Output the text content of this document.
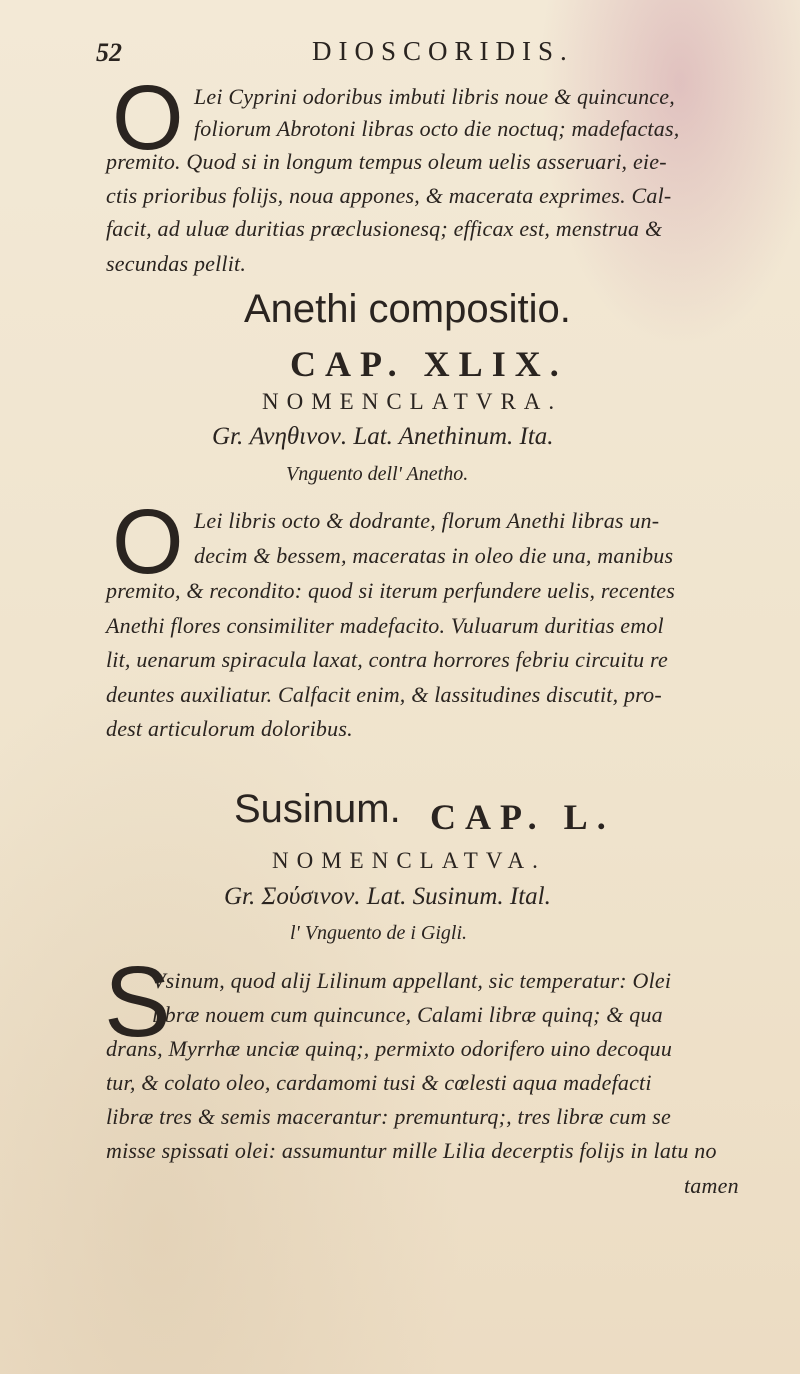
52	DIOSCORIDIS.
O Lei Cyprini odoribus imbuti libris noue & quincunce,
foliorum Abrotoni libras octo die noctuq; madefactas,
premito. Quod si in longum tempus oleum uelis asseruari, eie-
ctis prioribus folijs, noua appones, & macerata exprimes. Cal-
facit, ad uluæ duritias præclusionesq; efficax est, menstrua &
secundas pellit.
Anethi compositio.
CAP. XLIX.
NOMENCLATVRA.
Gr. Ανηθινον. Lat. Anethinum. Ita.
Vnguento dell' Anetho.
O Lei libris octo & dodrante, florum Anethi libras un-
decim & bessem, maceratas in oleo die una, manibus
premito, & recondito: quod si iterum perfundere uelis, recentes
Anethi flores consimiliter madefacito. Vuluarum duritias emol
lit, uenarum spiracula laxat, contra horrores febriu circuitu re
deuntes auxiliatur. Calfacit enim, & lassitudines discutit, pro-
dest articulorum doloribus.
Susinum. CAP. L.
NOMENCLATVA.
Gr. Σούσινον. Lat. Susinum. Ital.
l' Vnguento de i Gigli.
S
Vsinum, quod alij Lilinum appellant, sic temperatur: Olei
libræ nouem cum quincunce, Calami libræ quinq; & qua
drans, Myrrhæ unciæ quinq;, permixto odorifero uino decoquu
tur, & colato oleo, cardamomi tusi & cœlesti aqua madefacti
libræ tres & semis macerantur: premunturq;, tres libræ cum se
misse spissati olei: assumuntur mille Lilia decerptis folijs in latu no
tamen
